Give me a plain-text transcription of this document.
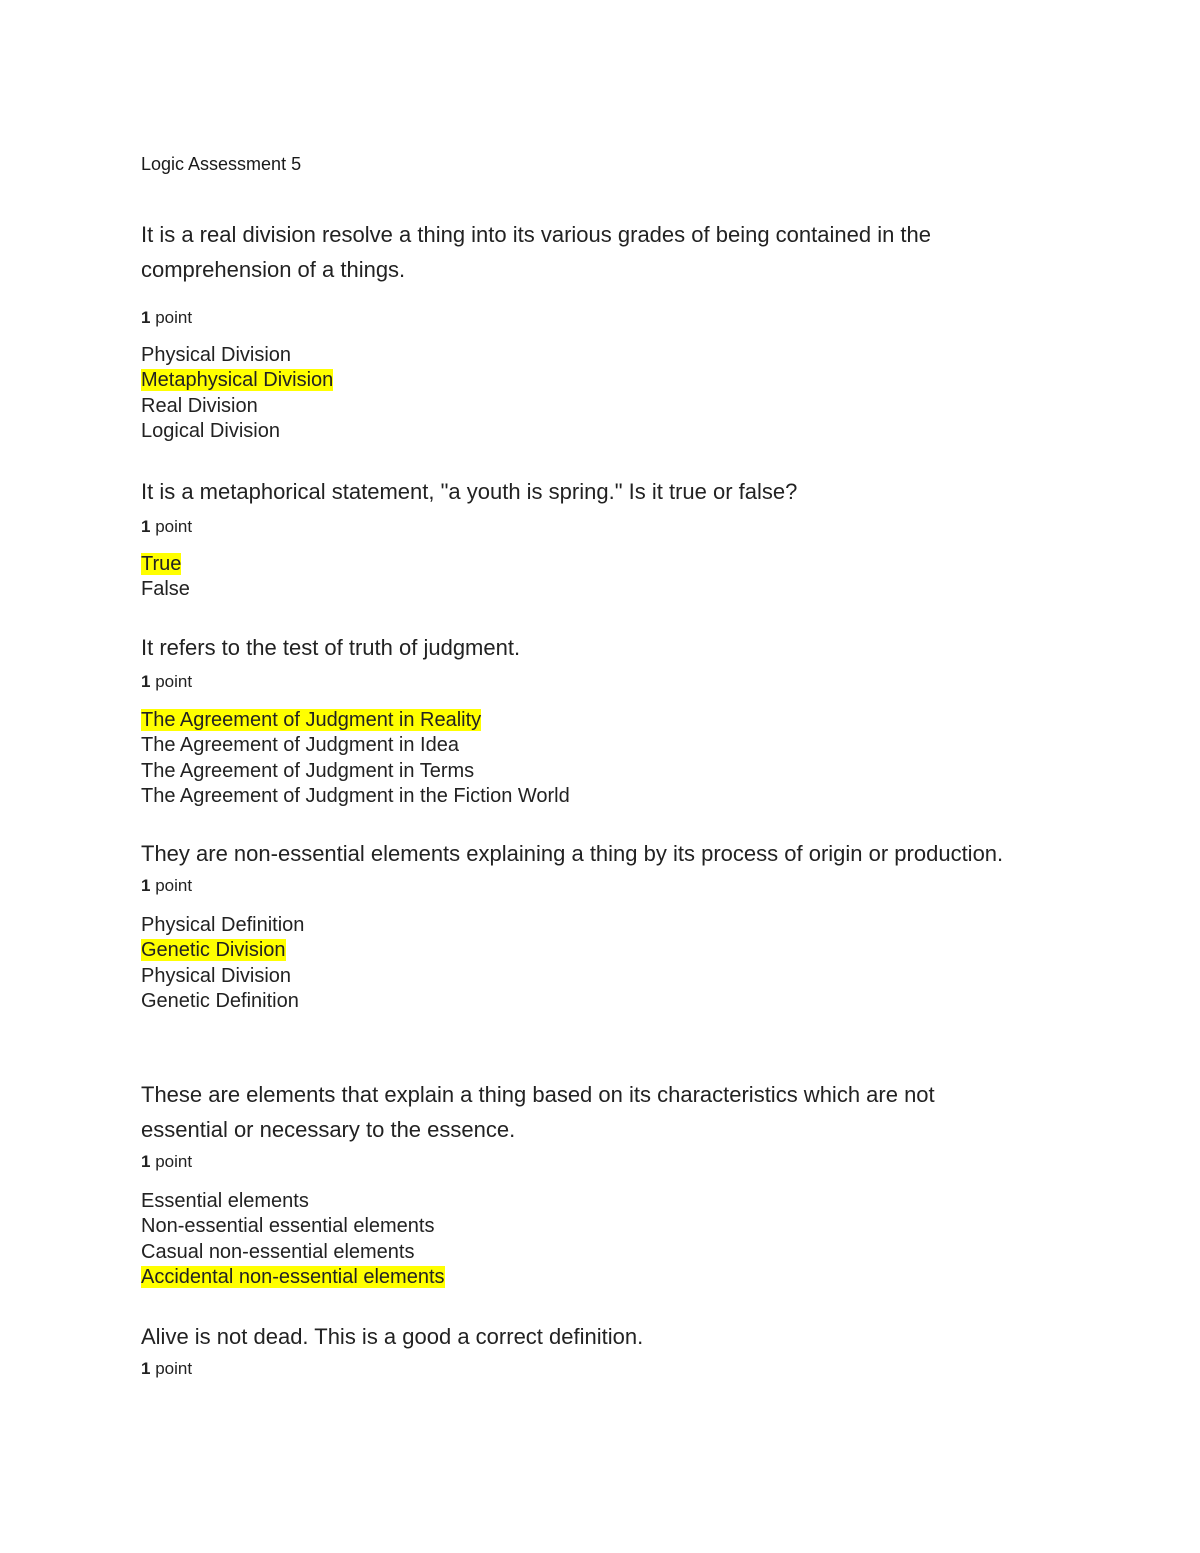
Logic Assessment 5
It is a real division resolve a thing into its various grades of being contained in the comprehension of a things.
1 point
Physical Division
Metaphysical Division
Real Division
Logical Division
It is a metaphorical statement, "a youth is spring." Is it true or false?
1 point
True
False
It refers to the test of truth of judgment.
1 point
The Agreement of Judgment in Reality
The Agreement of Judgment in Idea
The Agreement of Judgment in Terms
The Agreement of Judgment in the Fiction World
They are non-essential elements explaining a thing by its process of origin or production.
1 point
Physical Definition
Genetic Division
Physical Division
Genetic Definition
These are elements that explain a thing based on its characteristics which are not essential or necessary to the essence.
1 point
Essential elements
Non-essential essential elements
Casual non-essential elements
Accidental non-essential elements
Alive is not dead. This is a good a correct definition.
1 point
